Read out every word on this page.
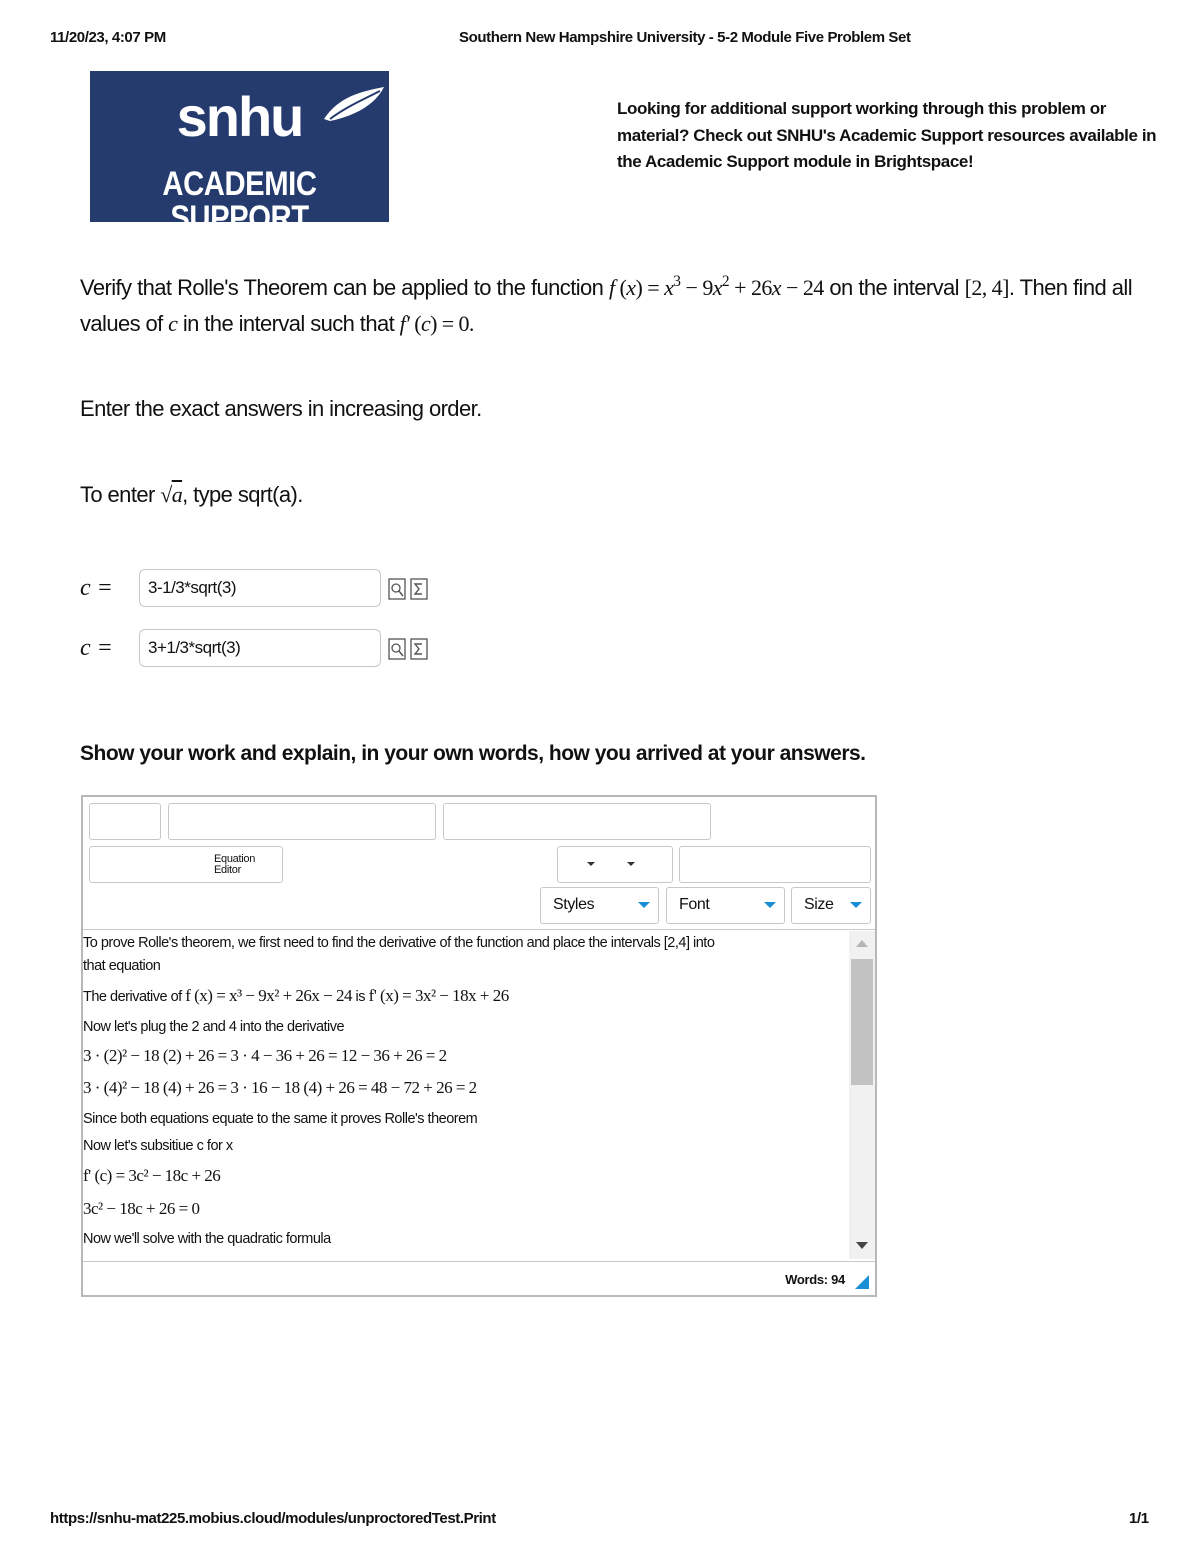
11/20/23, 4:07 PM	Southern New Hampshire University - 5-2 Module Five Problem Set
snhu
ACADEMIC SUPPORT
Looking for additional support working through this problem or material? Check out SNHU's Academic Support resources available in the Academic Support module in Brightspace!
Verify that Rolle's Theorem can be applied to the function f $(x) = x^3 - 9x^2 + 26x - 24$ on the interval [2, 4]. Then find all values of c in the interval such that f′ (c) = 0.
Enter the exact answers in increasing order.
To enter √a, type sqrt(a).
c =
3-1/3*sqrt(3)
c =
3+1/3*sqrt(3)
Show your work and explain, in your own words, how you arrived at your answers.
Equation Editor
Styles	Font	Size
To prove Rolle's theorem, we first need to find the derivative of the function and place the intervals [2,4] into
that equation
The derivative of f (x) = x³ − 9x² + 26x − 24 is f' (x) = 3x² − 18x + 26
Now let's plug the 2 and 4 into the derivative
3 · (2)² − 18 (2) + 26 = 3 · 4 − 36 + 26 = 12 − 36 + 26 = 2
3 · (4)² − 18 (4) + 26 = 3 · 16 − 18 (4) + 26 = 48 − 72 + 26 = 2
Since both equations equate to the same it proves Rolle's theorem
Now let's subsitiue c for x
f' (c) = 3c² − 18c + 26
3c² − 18c + 26 = 0
Now we'll solve with the quadratic formula
Words: 94
https://snhu-mat225.mobius.cloud/modules/unproctoredTest.Print	1/1
